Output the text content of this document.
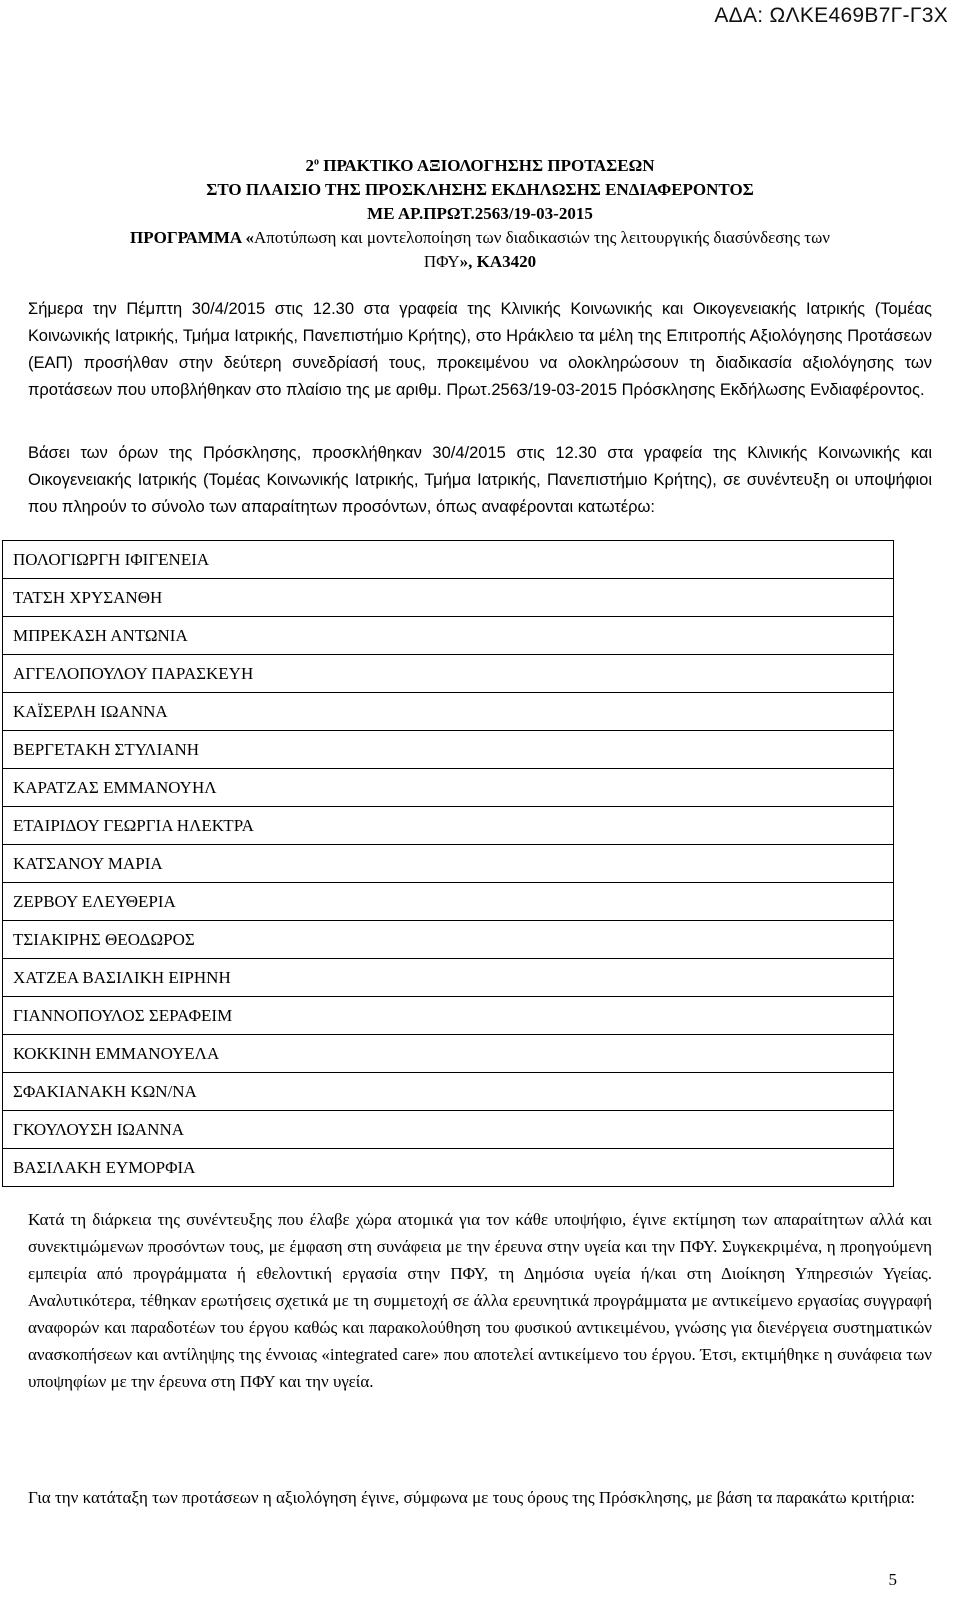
ΑΔΑ: ΩΛΚΕ469Β7Γ-Γ3Χ
$2^o$ ΠΡΑΚΤΙΚΟ ΑΞΙΟΛΟΓΗΣΗΣ ΠΡΟΤΑΣΕΩΝ
ΣΤΟ ΠΛΑΙΣΙΟ ΤΗΣ ΠΡΟΣΚΛΗΣΗΣ ΕΚΔΗΛΩΣΗΣ ΕΝΔΙΑΦΕΡΟΝΤΟΣ
ΜΕ ΑΡ.ΠΡΩΤ.2563/19-03-2015
ΠΡΟΓΡΑΜΜΑ «Αποτύπωση και μοντελοποίηση των διαδικασιών της λειτουργικής διασύνδεσης των
ΠΦΥ», ΚΑ3420
Σήμερα την Πέμπτη 30/4/2015 στις 12.30 στα γραφεία της Κλινικής Κοινωνικής και Οικογενειακής Ιατρικής (Τομέας Κοινωνικής Ιατρικής, Τμήμα Ιατρικής, Πανεπιστήμιο Κρήτης), στο Ηράκλειο τα μέλη της Επιτροπής Αξιολόγησης Προτάσεων (ΕΑΠ) προσήλθαν στην δεύτερη συνεδρίασή τους, προκειμένου να ολοκληρώσουν τη διαδικασία αξιολόγησης των προτάσεων που υποβλήθηκαν στο πλαίσιο της με αριθμ. Πρωτ.2563/19-03-2015 Πρόσκλησης Εκδήλωσης Ενδιαφέροντος.
Βάσει των όρων της Πρόσκλησης, προσκλήθηκαν 30/4/2015 στις 12.30 στα γραφεία της Κλινικής Κοινωνικής και Οικογενειακής Ιατρικής (Τομέας Κοινωνικής Ιατρικής, Τμήμα Ιατρικής, Πανεπιστήμιο Κρήτης), σε συνέντευξη οι υποψήφιοι που πληρούν το σύνολο των απαραίτητων προσόντων, όπως αναφέρονται κατωτέρω:
ΠΟΛΟΓΙΩΡΓΗ ΙΦΙΓΕΝΕΙΑ
ΤΑΤΣΗ ΧΡΥΣΑΝΘΗ
ΜΠΡΕΚΑΣΗ ΑΝΤΩΝΙΑ
ΑΓΓΕΛΟΠΟΥΛΟΥ ΠΑΡΑΣΚΕΥΗ
ΚΑΪΣΕΡΛΗ ΙΩΑΝΝΑ
ΒΕΡΓΕΤΑΚΗ ΣΤΥΛΙΑΝΗ
ΚΑΡΑΤΖΑΣ ΕΜΜΑΝΟΥΗΛ
ΕΤΑΙΡΙΔΟΥ ΓΕΩΡΓΙΑ ΗΛΕΚΤΡΑ
ΚΑΤΣΑΝΟΥ ΜΑΡΙΑ
ΖΕΡΒΟΥ ΕΛΕΥΘΕΡΙΑ
ΤΣΙΑΚΙΡΗΣ ΘΕΟΔΩΡΟΣ
ΧΑΤΖΕΑ ΒΑΣΙΛΙΚΗ ΕΙΡΗΝΗ
ΓΙΑΝΝΟΠΟΥΛΟΣ ΣΕΡΑΦΕΙΜ
ΚΟΚΚΙΝΗ ΕΜΜΑΝΟΥΕΛΑ
ΣΦΑΚΙΑΝΑΚΗ ΚΩΝ/ΝΑ
ΓΚΟΥΛΟΥΣΗ ΙΩΑΝΝΑ
ΒΑΣΙΛΑΚΗ ΕΥΜΟΡΦΙΑ
Κατά τη διάρκεια της συνέντευξης που έλαβε χώρα ατομικά για τον κάθε υποψήφιο, έγινε εκτίμηση των απαραίτητων αλλά και συνεκτιμώμενων προσόντων τους, με έμφαση στη συνάφεια με την έρευνα στην υγεία και την ΠΦΥ. Συγκεκριμένα, η προηγούμενη εμπειρία από προγράμματα ή εθελοντική εργασία στην ΠΦΥ, τη Δημόσια υγεία ή/και στη Διοίκηση Υπηρεσιών Υγείας. Αναλυτικότερα, τέθηκαν ερωτήσεις σχετικά με τη συμμετοχή σε άλλα ερευνητικά προγράμματα με αντικείμενο εργασίας συγγραφή αναφορών και παραδοτέων του έργου καθώς και παρακολούθηση του φυσικού αντικειμένου, γνώσης για διενέργεια συστηματικών ανασκοπήσεων και αντίληψης της έννοιας «integrated care» που αποτελεί αντικείμενο του έργου. Έτσι, εκτιμήθηκε η συνάφεια των υποψηφίων με την έρευνα στη ΠΦΥ και την υγεία.
Για την κατάταξη των προτάσεων η αξιολόγηση έγινε, σύμφωνα με τους όρους της Πρόσκλησης, με βάση τα παρακάτω κριτήρια:
5
